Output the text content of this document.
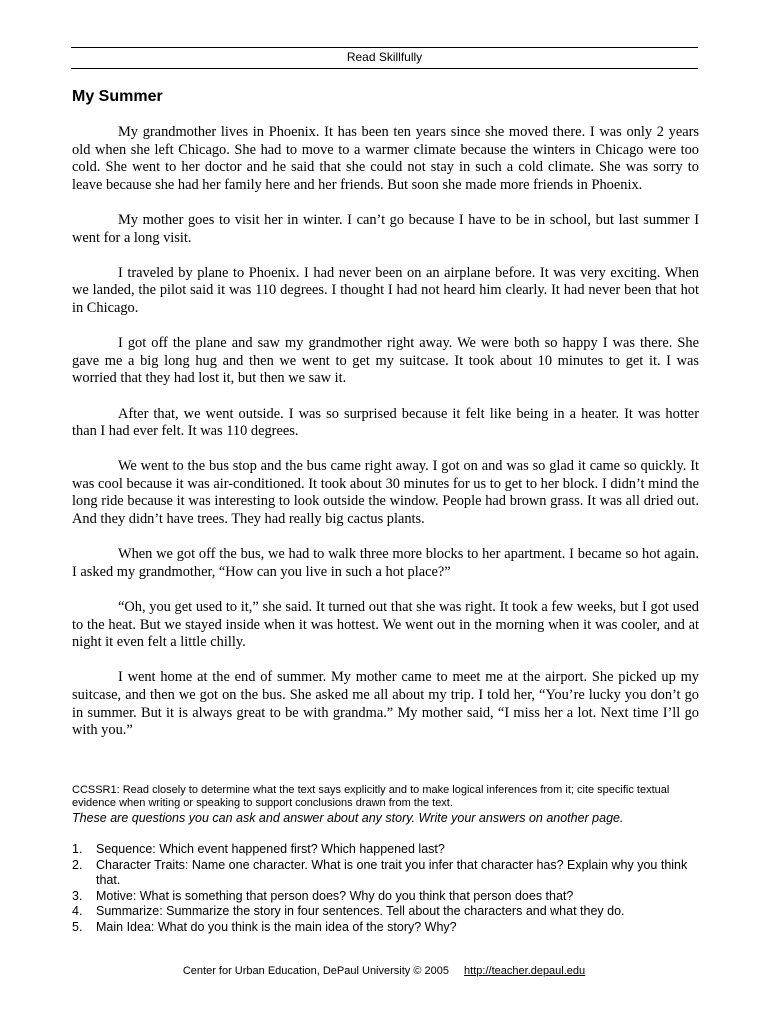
Read Skillfully
My Summer

My grandmother lives in Phoenix. It has been ten years since she moved there. I was only 2 years old when she left Chicago. She had to move to a warmer climate because the winters in Chicago were too cold. She went to her doctor and he said that she could not stay in such a cold climate. She was sorry to leave because she had her family here and her friends. But soon she made more friends in Phoenix.

My mother goes to visit her in winter. I can’t go because I have to be in school, but last summer I went for a long visit.

I traveled by plane to Phoenix. I had never been on an airplane before. It was very exciting. When we landed, the pilot said it was 110 degrees. I thought I had not heard him clearly. It had never been that hot in Chicago.

I got off the plane and saw my grandmother right away. We were both so happy I was there. She gave me a big long hug and then we went to get my suitcase. It took about 10 minutes to get it. I was worried that they had lost it, but then we saw it.

After that, we went outside. I was so surprised because it felt like being in a heater. It was hotter than I had ever felt. It was 110 degrees.

We went to the bus stop and the bus came right away. I got on and was so glad it came so quickly. It was cool because it was air-conditioned. It took about 30 minutes for us to get to her block. I didn’t mind the long ride because it was interesting to look outside the window. People had brown grass. It was all dried out. And they didn’t have trees. They had really big cactus plants.

When we got off the bus, we had to walk three more blocks to her apartment. I became so hot again. I asked my grandmother, “How can you live in such a hot place?”

“Oh, you get used to it,” she said. It turned out that she was right. It took a few weeks, but I got used to the heat. But we stayed inside when it was hottest. We went out in the morning when it was cooler, and at night it even felt a little chilly.

I went home at the end of summer. My mother came to meet me at the airport. She picked up my suitcase, and then we got on the bus. She asked me all about my trip. I told her, “You’re lucky you don’t go in summer. But it is always great to be with grandma.” My mother said, “I miss her a lot. Next time I’ll go with you.”

CCSSR1: Read closely to determine what the text says explicitly and to make logical inferences from it; cite specific textual evidence when writing or speaking to support conclusions drawn from the text.

These are questions you can ask and answer about any story. Write your answers on another page.

1. Sequence: Which event happened first? Which happened last?
2. Character Traits: Name one character. What is one trait you infer that character has? Explain why you think that.
3. Motive: What is something that person does? Why do you think that person does that?
4. Summarize: Summarize the story in four sentences. Tell about the characters and what they do.
5. Main Idea: What do you think is the main idea of the story? Why?
Center for Urban Education, DePaul University © 2005 http://teacher.depaul.edu
